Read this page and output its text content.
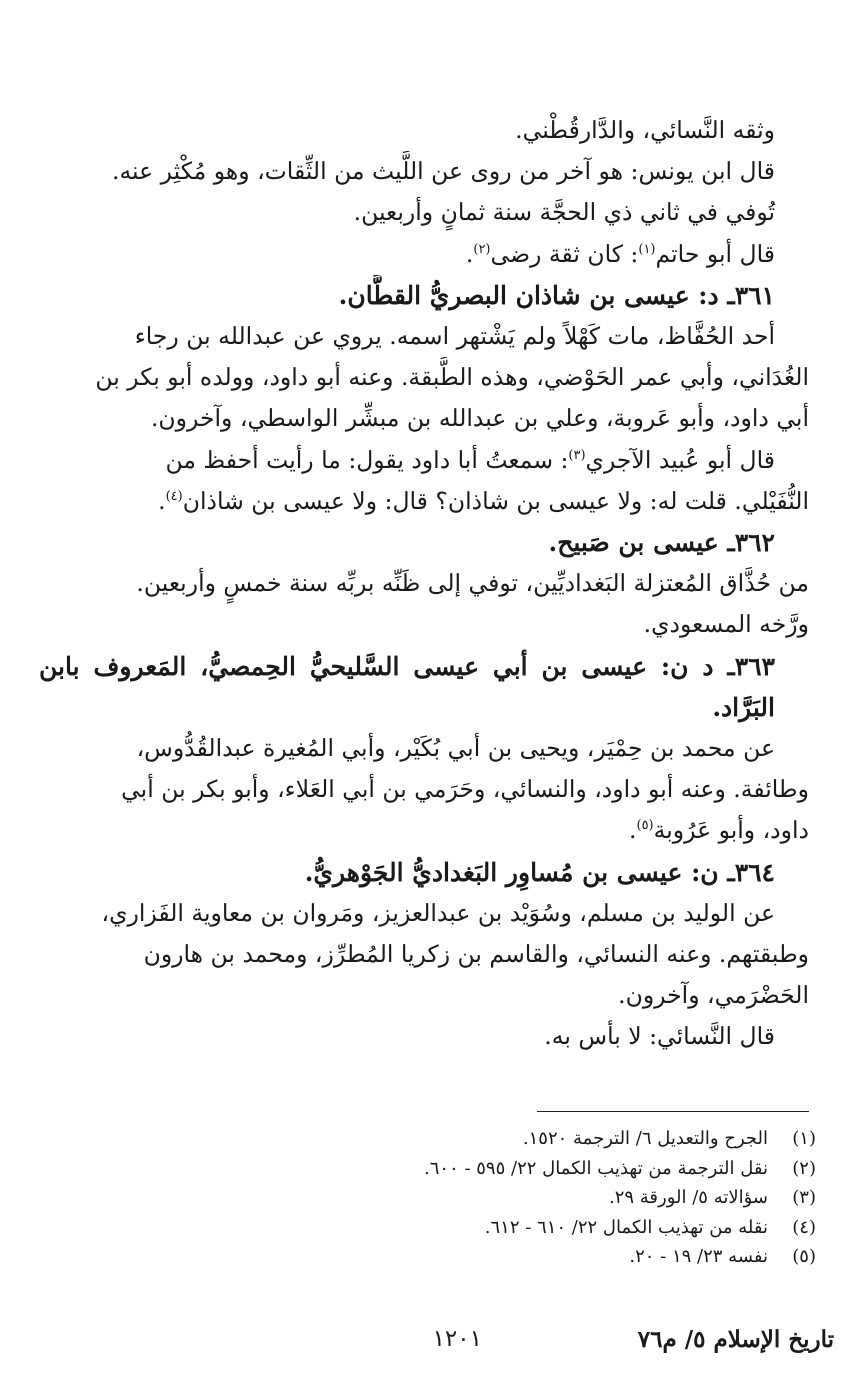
وثقه النَّسائي، والدَّارقُطْني.
قال ابن يونس: هو آخر من روى عن اللَّيث من الثِّقات، وهو مُكْثِر عنه.
تُوفي في ثاني ذي الحجَّة سنة ثمانٍ وأربعين.
قال أبو حاتم$^{(١)}$: كان ثقة رضى$^{(٢)}$.
٣٦١ـ د: عيسى بن شاذان البصريُّ القطَّان.
أحد الحُفَّاظ، مات كَهْلاً ولم يَشْتهر اسمه. يروي عن عبدالله بن رجاء
الغُدَاني، وأبي عمر الحَوْضي، وهذه الطَّبقة. وعنه أبو داود، وولده أبو بكر بن
أبي داود، وأبو عَروبة، وعلي بن عبدالله بن مبشِّر الواسطي، وآخرون.
قال أبو عُبيد الآجري$^{(٣)}$: سمعتُ أبا داود يقول: ما رأيت أحفظ من
النُّفَيْلي. قلت له: ولا عيسى بن شاذان؟ قال: ولا عيسى بن شاذان$^{(٤)}$.
٣٦٢ـ عيسى بن صَبيح.
من حُذَّاق المُعتزلة البَغداديِّين، توفي إلى ظَنِّه بربِّه سنة خمسٍ وأربعين.
ورَّخه المسعودي.
٣٦٣ـ د ن: عيسى بن أبي عيسى السَّليحيُّ الحِمصيُّ، المَعروف بابن البَرَّاد.
عن محمد بن حِمْيَر، ويحيى بن أبي بُكَيْر، وأبي المُغيرة عبدالقُدُّوس،
وطائفة. وعنه أبو داود، والنسائي، وحَرَمي بن أبي العَلاء، وأبو بكر بن أبي
داود، وأبو عَرُوبة$^{(٥)}$.
٣٦٤ـ ن: عيسى بن مُساوِر البَغداديُّ الجَوْهريُّ.
عن الوليد بن مسلم، وسُوَيْد بن عبدالعزيز، ومَروان بن معاوية الفَزاري،
وطبقتهم. وعنه النسائي، والقاسم بن زكريا المُطرِّز، ومحمد بن هارون
الحَضْرَمي، وآخرون.
قال النَّسائي: لا بأس به.
(١)الجرح والتعديل ٦/ الترجمة ١٥٢٠.
(٢)نقل الترجمة من تهذيب الكمال ٢٢/ ٥٩٥ - ٦٠٠.
(٣)سؤالاته ٥/ الورقة ٢٩.
(٤)نقله من تهذيب الكمال ٢٢/ ٦١٠ - ٦١٢.
(٥)نفسه ٢٣/ ١٩ - ٢٠.
تاريخ الإسلام ٥/ م٧٦
١٢٠١
